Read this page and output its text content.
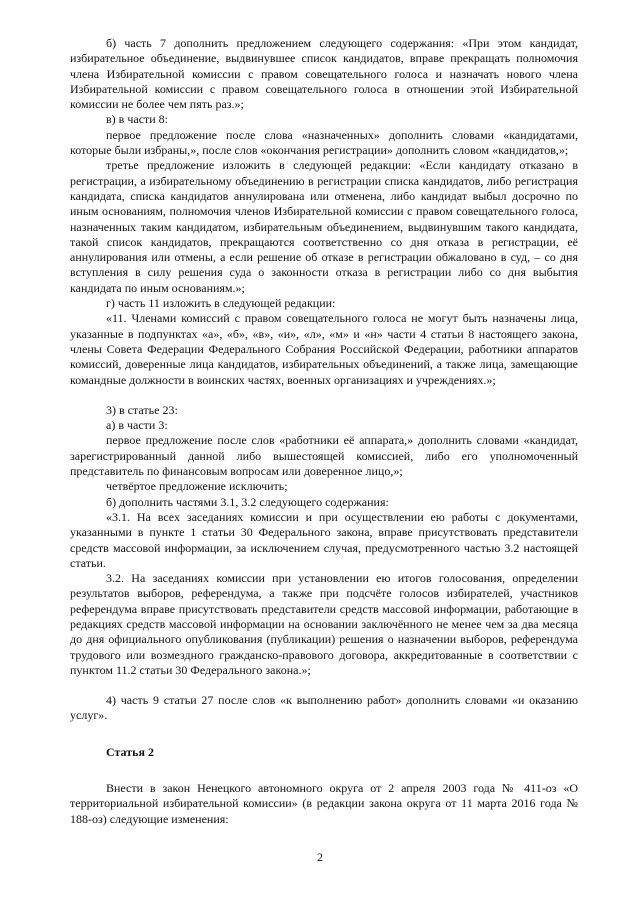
б) часть 7 дополнить предложением следующего содержания: «При этом кандидат, избирательное объединение, выдвинувшее список кандидатов, вправе прекращать полномочия члена Избирательной комиссии с правом совещательного голоса и назначать нового члена Избирательной комиссии с правом совещательного голоса в отношении этой Избирательной комиссии не более чем пять раз.»;

в) в части 8:

первое предложение после слова «назначенных» дополнить словами «кандидатами, которые были избраны,», после слов «окончания регистрации» дополнить словом «кандидатов,»;

третье предложение изложить в следующей редакции: «Если кандидату отказано в регистрации, а избирательному объединению в регистрации списка кандидатов, либо регистрация кандидата, списка кандидатов аннулирована или отменена, либо кандидат выбыл досрочно по иным основаниям, полномочия членов Избирательной комиссии с правом совещательного голоса, назначенных таким кандидатом, избирательным объединением, выдвинувшим такого кандидата, такой список кандидатов, прекращаются соответственно со дня отказа в регистрации, её аннулирования или отмены, а если решение об отказе в регистрации обжаловано в суд, – со дня вступления в силу решения суда о законности отказа в регистрации либо со дня выбытия кандидата по иным основаниям.»;

г) часть 11 изложить в следующей редакции:

«11. Членами комиссий с правом совещательного голоса не могут быть назначены лица, указанные в подпунктах «а», «б», «в», «и», «л», «м» и «н» части 4 статьи 8 настоящего закона, члены Совета Федерации Федерального Собрания Российской Федерации, работники аппаратов комиссий, доверенные лица кандидатов, избирательных объединений, а также лица, замещающие командные должности в воинских частях, военных организациях и учреждениях.»;

3) в статье 23:

а) в части 3:

первое предложение после слов «работники её аппарата,» дополнить словами «кандидат, зарегистрированный данной либо вышестоящей комиссией, либо его уполномоченный представитель по финансовым вопросам или доверенное лицо,»;

четвёртое предложение исключить;

б) дополнить частями 3.1, 3.2 следующего содержания:

«3.1. На всех заседаниях комиссии и при осуществлении ею работы с документами, указанными в пункте 1 статьи 30 Федерального закона, вправе присутствовать представители средств массовой информации, за исключением случая, предусмотренного частью 3.2 настоящей статьи.

3.2. На заседаниях комиссии при установлении ею итогов голосования, определении результатов выборов, референдума, а также при подсчёте голосов избирателей, участников референдума вправе присутствовать представители средств массовой информации, работающие в редакциях средств массовой информации на основании заключённого не менее чем за два месяца до дня официального опубликования (публикации) решения о назначении выборов, референдума трудового или возмездного гражданско-правового договора, аккредитованные в соответствии с пунктом 11.2 статьи 30 Федерального закона.»;

4) часть 9 статьи 27 после слов «к выполнению работ» дополнить словами «и оказанию услуг».

Статья 2

Внести в закон Ненецкого автономного округа от 2 апреля 2003 года № 411-оз «О территориальной избирательной комиссии» (в редакции закона округа от 11 марта 2016 года № 188-оз) следующие изменения:

2
